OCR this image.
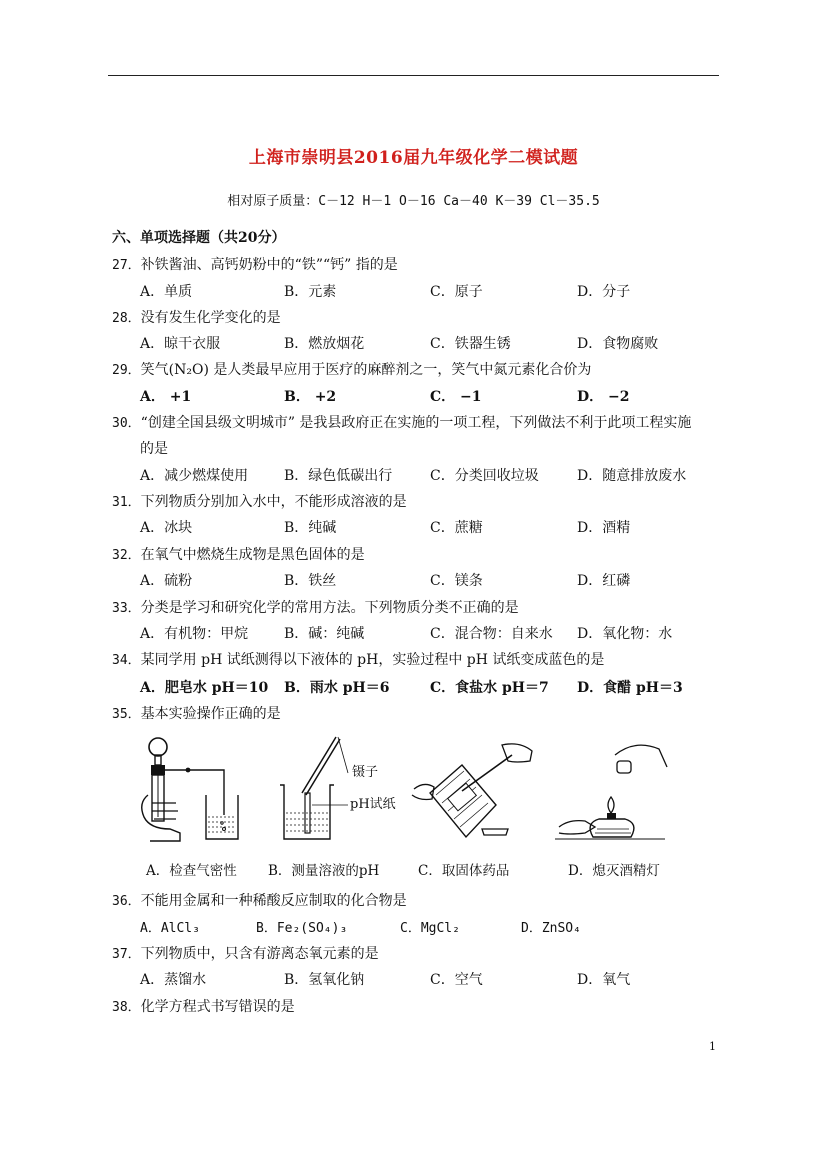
上海市崇明县2016届九年级化学二模试题
相对原子质量：C－12 H－1 O－16 Ca－40 K－39 Cl－35.5
六、单项选择题（共20分）
27．补铁酱油、高钙奶粉中的“铁”“钙” 指的是
A．单质	B．元素	C．原子	D．分子
28．没有发生化学变化的是
A．晾干衣服	B．燃放烟花	C．铁器生锈	D．食物腐败
29．笑气(N₂O) 是人类最早应用于医疗的麻醉剂之一，笑气中氮元素化合价为
A． +1	B． +2	C． −1	D． −2
30．“创建全国县级文明城市” 是我县政府正在实施的一项工程，下列做法不利于此项工程实施
的是
A．减少燃煤使用	B．绿色低碳出行	C．分类回收垃圾	D．随意排放废水
31．下列物质分别加入水中，不能形成溶液的是
A．冰块	B．纯碱	C．蔗糖	D．酒精
32．在氧气中燃烧生成物是黑色固体的是
A．硫粉	B．铁丝	C．镁条	D．红磷
33．分类是学习和研究化学的常用方法。下列物质分类不正确的是
A．有机物：甲烷	B．碱：纯碱	C．混合物：自来水 D．氧化物：水
34．某同学用 pH 试纸测得以下液体的 pH，实验过程中 pH 试纸变成蓝色的是
A．肥皂水 pH＝10 B．雨水 pH＝6	C．食盐水 pH＝7 D．食醋 pH＝3
35．基本实验操作正确的是
镊子
pH试纸
A．检查气密性 B．测量溶液的pH	C．取固体药品	D．熄灭酒精灯
36．不能用金属和一种稀酸反应制取的化合物是
A．AlCl₃	B．Fe₂(SO₄)₃	C．MgCl₂	D．ZnSO₄
37．下列物质中，只含有游离态氧元素的是
A．蒸馏水	B．氢氧化钠	C．空气	D．氧气
38．化学方程式书写错误的是
1
